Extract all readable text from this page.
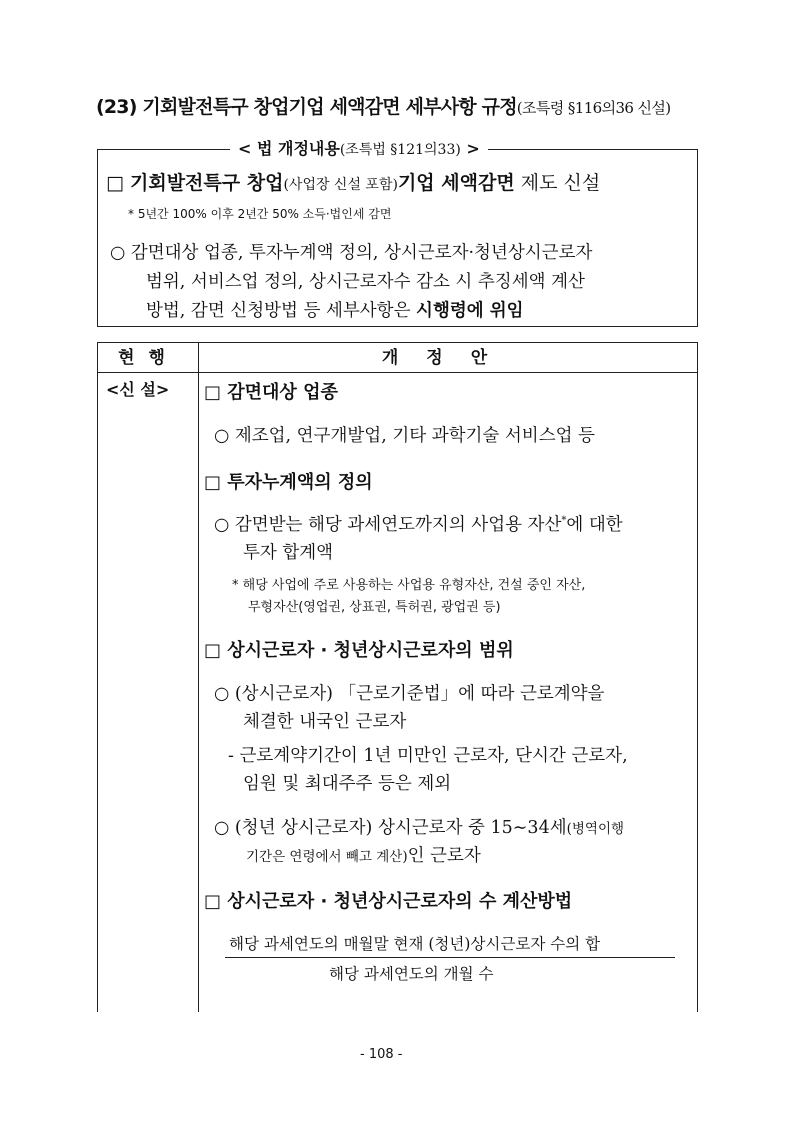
(23) 기회발전특구 창업기업 세액감면 세부사항 규정(조특령 §116의36 신설)
< 법 개정내용(조특법 §121의33) >
□ 기회발전특구 창업(사업장 신설 포함)기업 세액감면 제도 신설
* 5년간 100% 이후 2년간 50% 소득·법인세 감면
○ 감면대상 업종, 투자누계액 정의, 상시근로자·청년상시근로자
범위, 서비스업 정의, 상시근로자수 감소 시 추징세액 계산
방법, 감면 신청방법 등 세부사항은 시행령에 위임
현행	개정안
<신 설> □ 감면대상 업종
○ 제조업, 연구개발업, 기타 과학기술 서비스업 등
□ 투자누계액의 정의
○ 감면받는 해당 과세연도까지의 사업용 자산*에 대한
투자 합계액
* 해당 사업에 주로 사용하는 사업용 유형자산, 건설 중인 자산,
무형자산(영업권, 상표권, 특허권, 광업권 등)
□ 상시근로자 · 청년상시근로자의 범위
○ (상시근로자) 「근로기준법」에 따라 근로계약을
체결한 내국인 근로자
- 근로계약기간이 1년 미만인 근로자, 단시간 근로자,
임원 및 최대주주 등은 제외
○ (청년 상시근로자) 상시근로자 중 15∼34세(병역이행
기간은 연령에서 빼고 계산)인 근로자
□ 상시근로자 · 청년상시근로자의 수 계산방법
해당 과세연도의 매월말 현재 (청년)상시근로자 수의 합
해당 과세연도의 개월 수
- 108 -
